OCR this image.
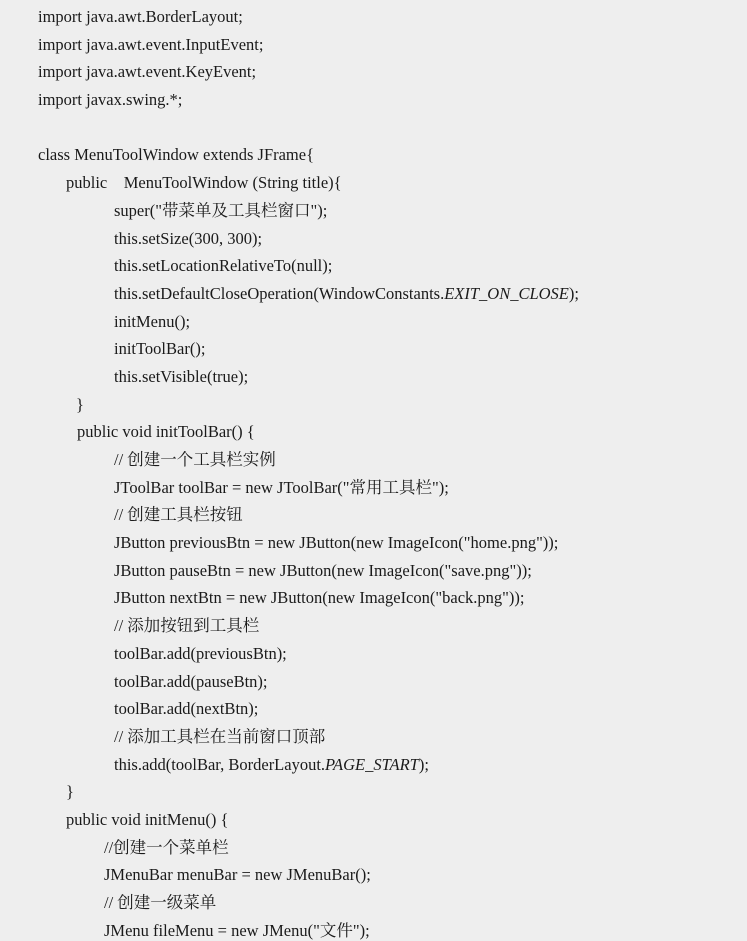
import java.awt.BorderLayout;
import java.awt.event.InputEvent;
import java.awt.event.KeyEvent;
import javax.swing.*;
class MenuToolWindow extends JFrame{
public    MenuToolWindow (String title){
super("带菜单及工具栏窗口");
this.setSize(300, 300);
this.setLocationRelativeTo(null);
this.setDefaultCloseOperation(WindowConstants.EXIT_ON_CLOSE);
initMenu();
initToolBar();
this.setVisible(true);
}
public void initToolBar() {
// 创建一个工具栏实例
JToolBar toolBar = new JToolBar("常用工具栏");
// 创建工具栏按钮
JButton previousBtn = new JButton(new ImageIcon("home.png"));
JButton pauseBtn = new JButton(new ImageIcon("save.png"));
JButton nextBtn = new JButton(new ImageIcon("back.png"));
// 添加按钮到工具栏
toolBar.add(previousBtn);
toolBar.add(pauseBtn);
toolBar.add(nextBtn);
// 添加工具栏在当前窗口顶部
this.add(toolBar, BorderLayout.PAGE_START);
}
public void initMenu() {
//创建一个菜单栏
JMenuBar menuBar = new JMenuBar();
// 创建一级菜单
JMenu fileMenu = new JMenu("文件");
